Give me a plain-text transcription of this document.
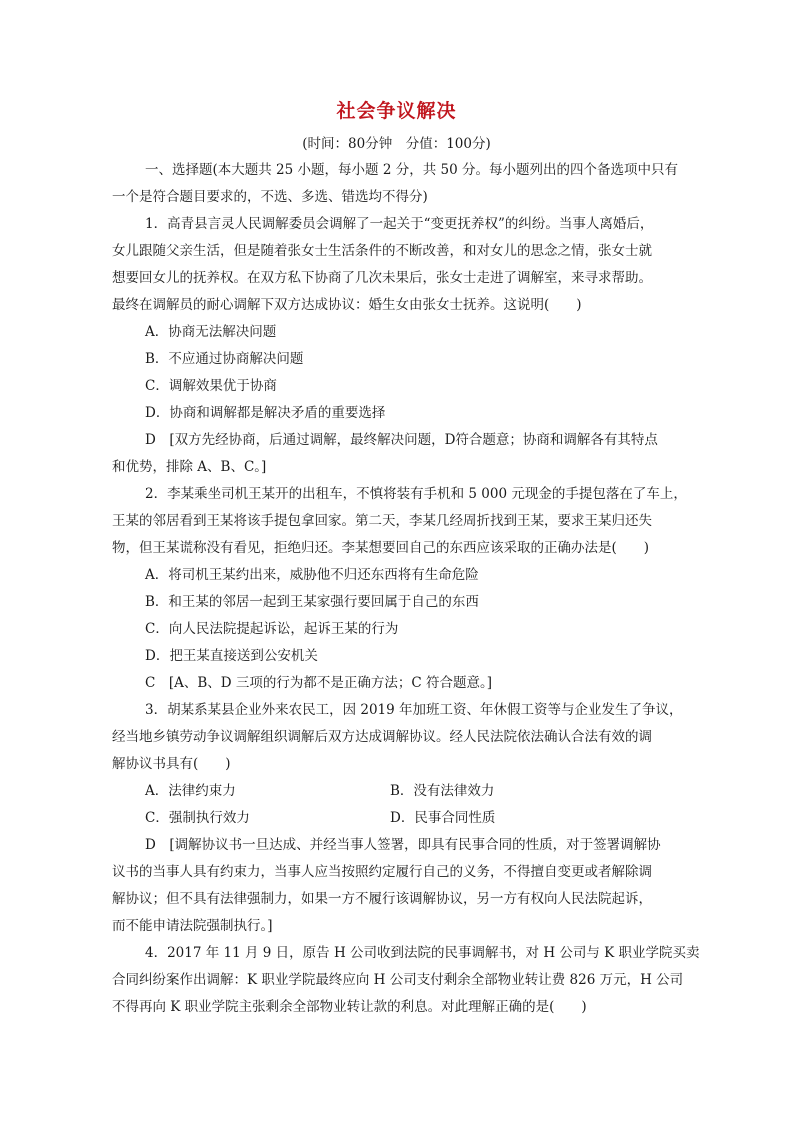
社会争议解决
(时间：80分钟　分值：100分)
一、选择题(本大题共 25 小题，每小题 2 分，共 50 分。每小题列出的四个备选项中只有
一个是符合题目要求的，不选、多选、错选均不得分)
1．高青县言灵人民调解委员会调解了一起关于“变更抚养权”的纠纷。当事人离婚后，
女儿跟随父亲生活，但是随着张女士生活条件的不断改善，和对女儿的思念之情，张女士就
想要回女儿的抚养权。在双方私下协商了几次未果后，张女士走进了调解室，来寻求帮助。
最终在调解员的耐心调解下双方达成协议：婚生女由张女士抚养。这说明(　　)
A．协商无法解决问题
B．不应通过协商解决问题
C．调解效果优于协商
D．协商和调解都是解决矛盾的重要选择
D　[双方先经协商，后通过调解，最终解决问题，D符合题意；协商和调解各有其特点
和优势，排除 A、B、C。]
2．李某乘坐司机王某开的出租车，不慎将装有手机和 5 000 元现金的手提包落在了车上，
王某的邻居看到王某将该手提包拿回家。第二天，李某几经周折找到王某，要求王某归还失
物，但王某谎称没有看见，拒绝归还。李某想要回自己的东西应该采取的正确办法是(　　)
A．将司机王某约出来，威胁他不归还东西将有生命危险
B．和王某的邻居一起到王某家强行要回属于自己的东西
C．向人民法院提起诉讼，起诉王某的行为
D．把王某直接送到公安机关
C　[A、B、D 三项的行为都不是正确方法；C 符合题意。]
3．胡某系某县企业外来农民工，因 2019 年加班工资、年休假工资等与企业发生了争议，
经当地乡镇劳动争议调解组织调解后双方达成调解协议。经人民法院依法确认合法有效的调
解协议书具有(　　)
A．法律约束力	B．没有法律效力
C．强制执行效力	D．民事合同性质
D　[调解协议书一旦达成、并经当事人签署，即具有民事合同的性质，对于签署调解协
议书的当事人具有约束力，当事人应当按照约定履行自己的义务，不得擅自变更或者解除调
解协议；但不具有法律强制力，如果一方不履行该调解协议，另一方有权向人民法院起诉，
而不能申请法院强制执行。]
4．2017 年 11 月 9 日，原告 H 公司收到法院的民事调解书，对 H 公司与 K 职业学院买卖
合同纠纷案作出调解：K 职业学院最终应向 H 公司支付剩余全部物业转让费 826 万元，H 公司
不得再向 K 职业学院主张剩余全部物业转让款的利息。对此理解正确的是(　　)
